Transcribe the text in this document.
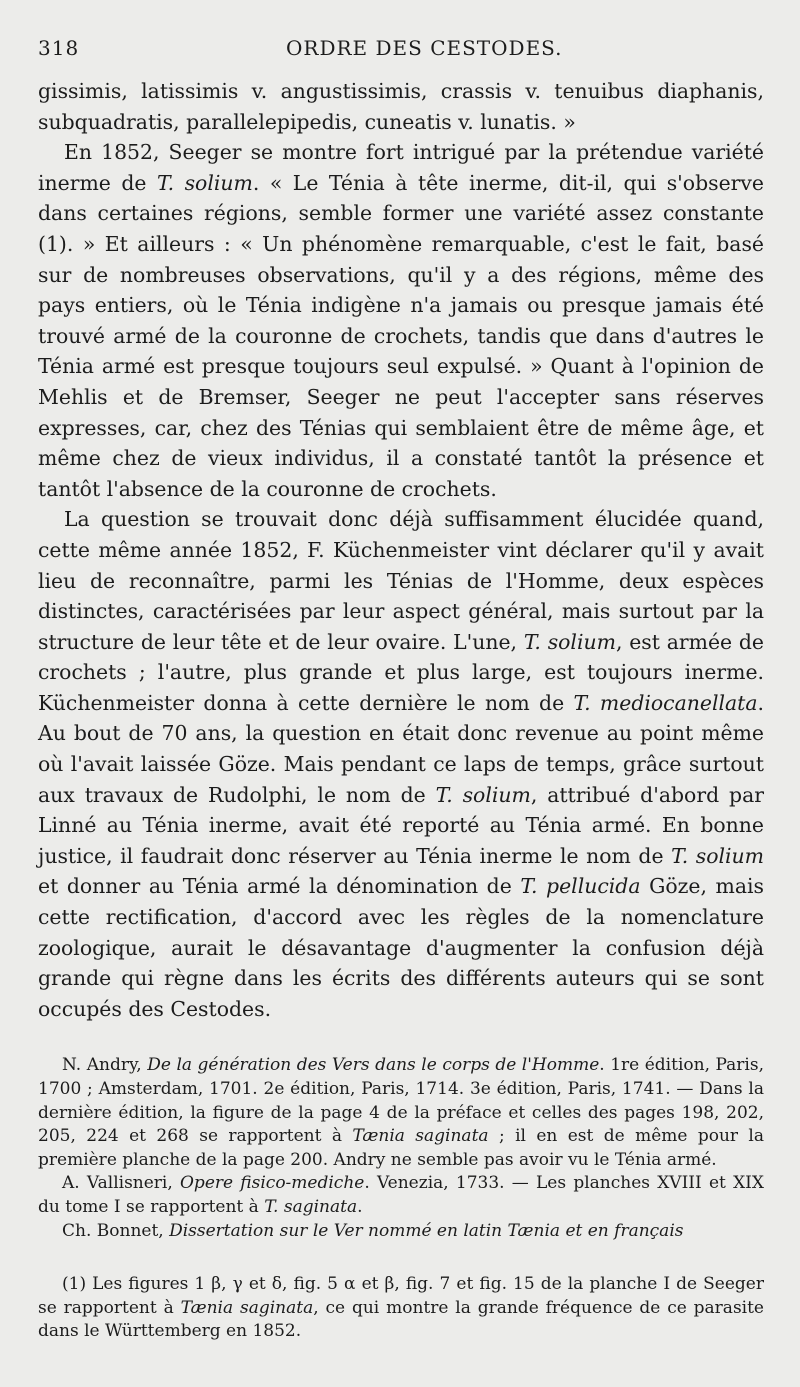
318	ORDRE DES CESTODES.

gissimis, latissimis v. angustissimis, crassis v. tenuibus diaphanis, subquadratis, parallelepipedis, cuneatis v. lunatis. »

En 1852, Seeger se montre fort intrigué par la prétendue variété inerme de T. solium. « Le Ténia à tête inerme, dit-il, qui s'observe dans certaines régions, semble former une variété assez constante (1). » Et ailleurs : « Un phénomène remarquable, c'est le fait, basé sur de nombreuses observations, qu'il y a des régions, même des pays entiers, où le Ténia indigène n'a jamais ou presque jamais été trouvé armé de la couronne de crochets, tandis que dans d'autres le Ténia armé est presque toujours seul expulsé. » Quant à l'opinion de Mehlis et de Bremser, Seeger ne peut l'accepter sans réserves expresses, car, chez des Ténias qui semblaient être de même âge, et même chez de vieux individus, il a constaté tantôt la présence et tantôt l'absence de la couronne de crochets.

La question se trouvait donc déjà suffisamment élucidée quand, cette même année 1852, F. Küchenmeister vint déclarer qu'il y avait lieu de reconnaître, parmi les Ténias de l'Homme, deux espèces distinctes, caractérisées par leur aspect général, mais surtout par la structure de leur tête et de leur ovaire. L'une, T. solium, est armée de crochets ; l'autre, plus grande et plus large, est toujours inerme. Küchenmeister donna à cette dernière le nom de T. mediocanellata. Au bout de 70 ans, la question en était donc revenue au point même où l'avait laissée Göze. Mais pendant ce laps de temps, grâce surtout aux travaux de Rudolphi, le nom de T. solium, attribué d'abord par Linné au Ténia inerme, avait été reporté au Ténia armé. En bonne justice, il faudrait donc réserver au Ténia inerme le nom de T. solium et donner au Ténia armé la dénomination de T. pellucida Göze, mais cette rectification, d'accord avec les règles de la nomenclature zoologique, aurait le désavantage d'augmenter la confusion déjà grande qui règne dans les écrits des différents auteurs qui se sont occupés des Cestodes.

N. Andry, De la génération des Vers dans le corps de l'Homme. 1re édition, Paris, 1700 ; Amsterdam, 1701. 2e édition, Paris, 1714. 3e édition, Paris, 1741. — Dans la dernière édition, la figure de la page 4 de la préface et celles des pages 198, 202, 205, 224 et 268 se rapportent à Tænia saginata ; il en est de même pour la première planche de la page 200. Andry ne semble pas avoir vu le Ténia armé.

A. Vallisneri, Opere fisico-mediche. Venezia, 1733. — Les planches XVIII et XIX du tome I se rapportent à T. saginata.

Ch. Bonnet, Dissertation sur le Ver nommé en latin Tænia et en français

(1) Les figures 1 β, γ et δ, fig. 5 α et β, fig. 7 et fig. 15 de la planche I de Seeger se rapportent à Tænia saginata, ce qui montre la grande fréquence de ce parasite dans le Württemberg en 1852.
